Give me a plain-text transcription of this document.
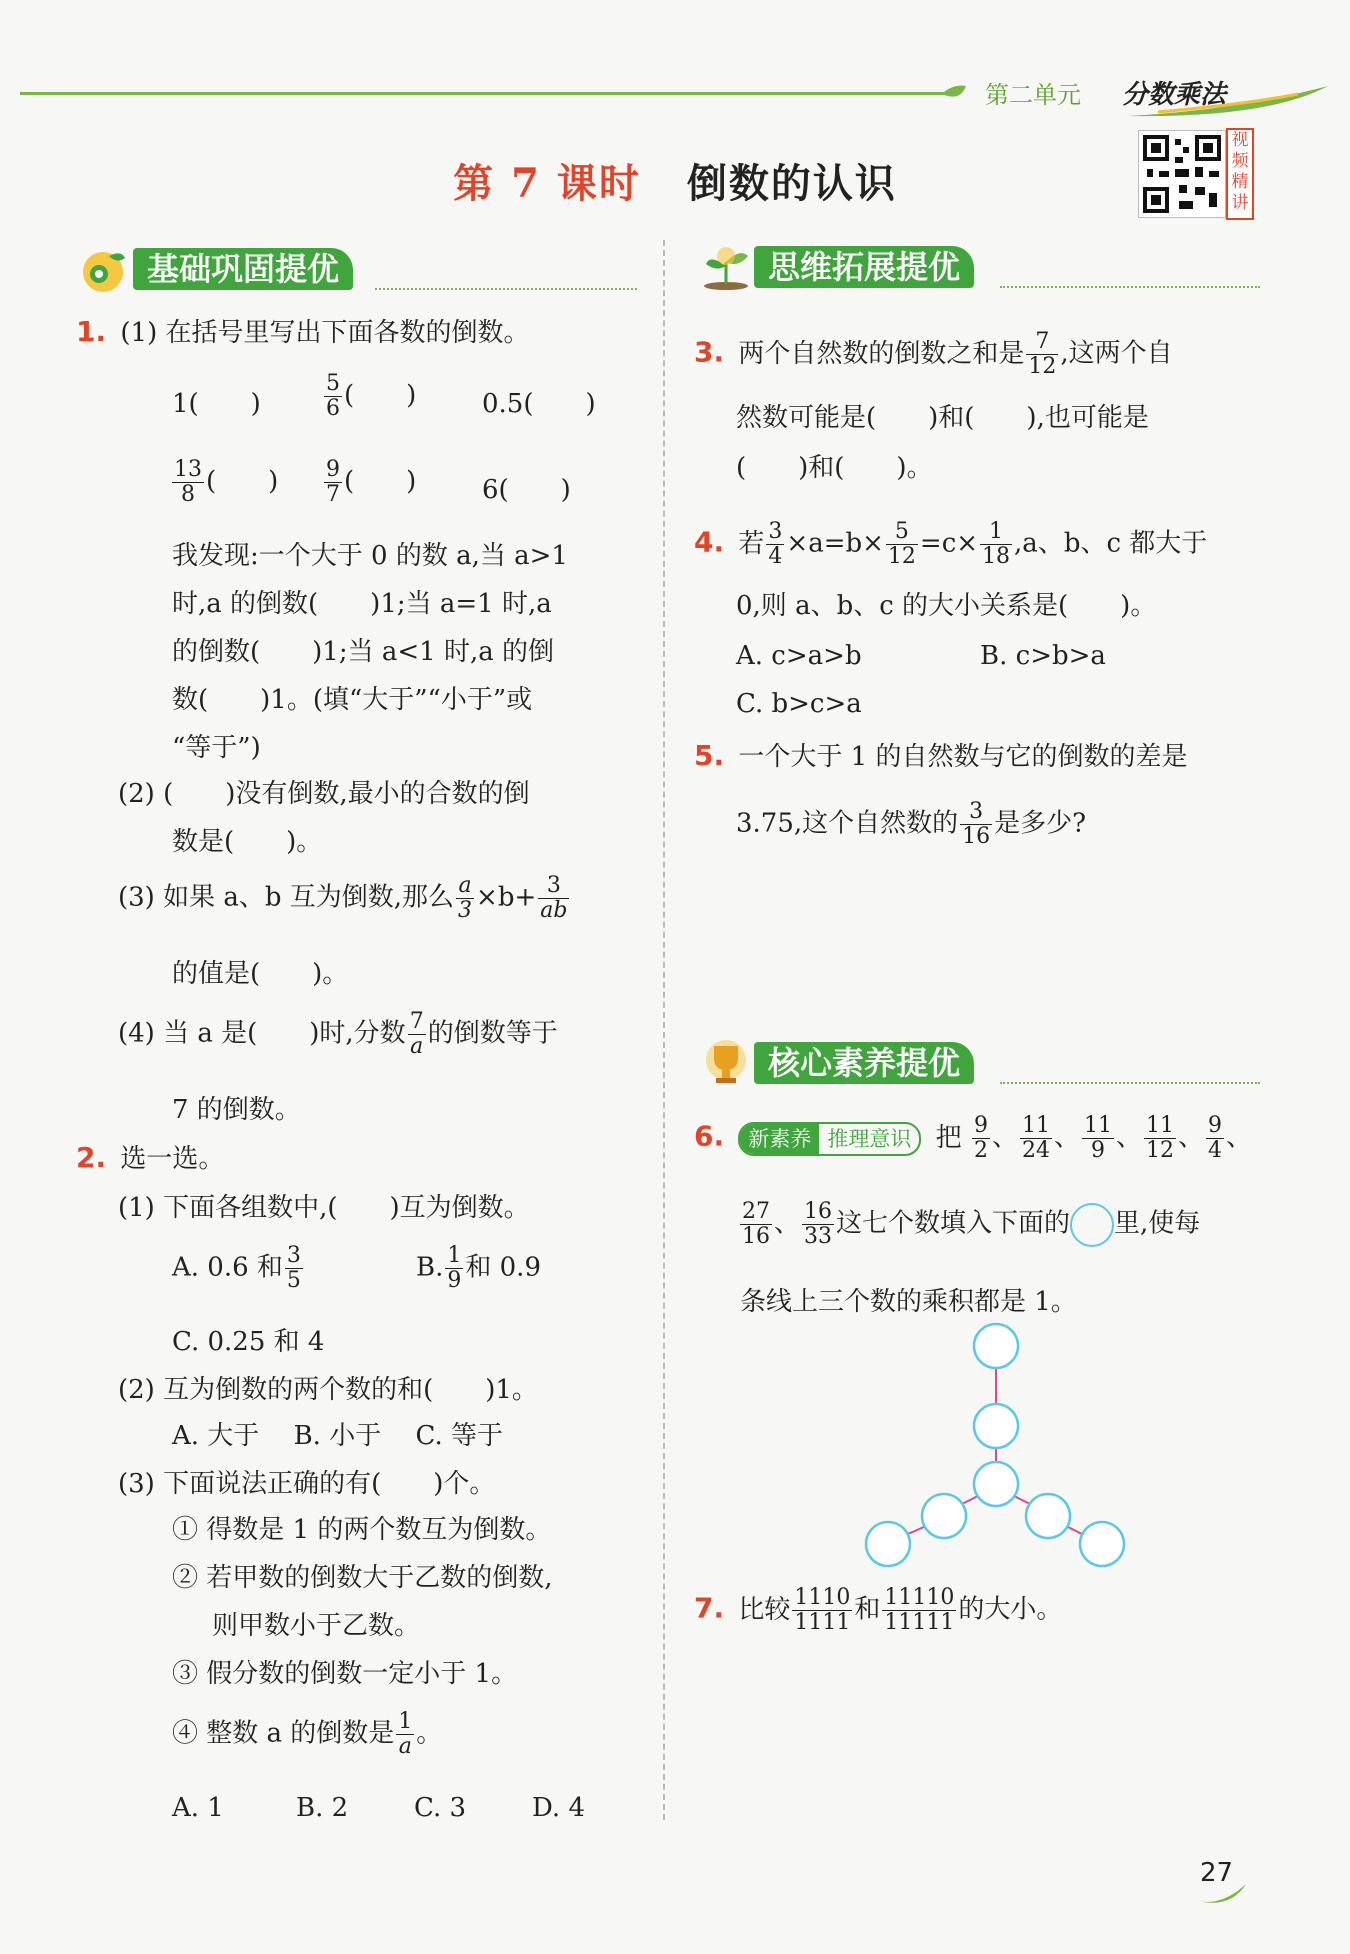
第二单元 分数乘法
第 7 课时 倒数的认识
视频精讲
基础巩固提优
1. (1) 在括号里写出下面各数的倒数。
1(　　)	$\frac{5}{6}$ (　　)	0.5(　　)
$\frac{13}{8}$ (　　) $\frac{9}{7}$ (　　)	6(　　)
我发现:一个大于 0 的数 a,当 a>1
时,a 的倒数(　　)1;当 a=1 时,a
的倒数(　　)1;当 a<1 时,a 的倒
数(　　)1。(填“大于”“小于”或
“等于”)
(2) (　　)没有倒数,最小的合数的倒
数是(　　)。
(3) 如果 a、b 互为倒数,那么 $\frac{a}{3} \times b+ \frac{3}{ab}$
的值是(　　)。
(4) 当 a 是(　　)时,分数 $\frac{7}{a}$ 的倒数等于
7 的倒数。
2. 选一选。
(1) 下面各组数中,(　　)互为倒数。
A. 0.6 和 $\frac{3}{5}$	B. $\frac{1}{9}$ 和 0.9
C. 0.25 和 4
(2) 互为倒数的两个数的和(　　)1。
A. 大于　 B. 小于　 C. 等于
(3) 下面说法正确的有(　　)个。
① 得数是 1 的两个数互为倒数。
② 若甲数的倒数大于乙数的倒数,
则甲数小于乙数。
③ 假分数的倒数一定小于 1。
④ 整数 a 的倒数是 $\frac{1}{a}$ 。
A. 1	B. 2	C. 3	D. 4
思维拓展提优
3. 两个自然数的倒数之和是 $\frac{7}{12}$ ,这两个自
然数可能是(　　)和(　　),也可能是
(　　)和(　　)。
4. 若 $\frac{3}{4} \times a=b\times \frac{5}{12} =c\times \frac{1}{18} ,a$、b、c 都大于
0,则 a、b、c 的大小关系是(　　)。
A. c>a>b	B. c>b>a
C. b>c>a
5. 一个大于 1 的自然数与它的倒数的差是
3.75,这个自然数的 $\frac{3}{16}$ 是多少?
核心素养提优
6. 新素养 推理意识 把 $\frac{9}{2}$ 、 $\frac{11}{24}$ 、 $\frac{11}{9}$ 、 $\frac{11}{12}$ 、 $\frac{9}{4}$ 、
$\frac{27}{16}$ 、 $\frac{16}{33}$ 这七个数填入下面的 里,使每
条线上三个数的乘积都是 1。
7. 比较 $\frac{1110}{1111}$ 和 $\frac{11110}{11111}$ 的大小。
27
